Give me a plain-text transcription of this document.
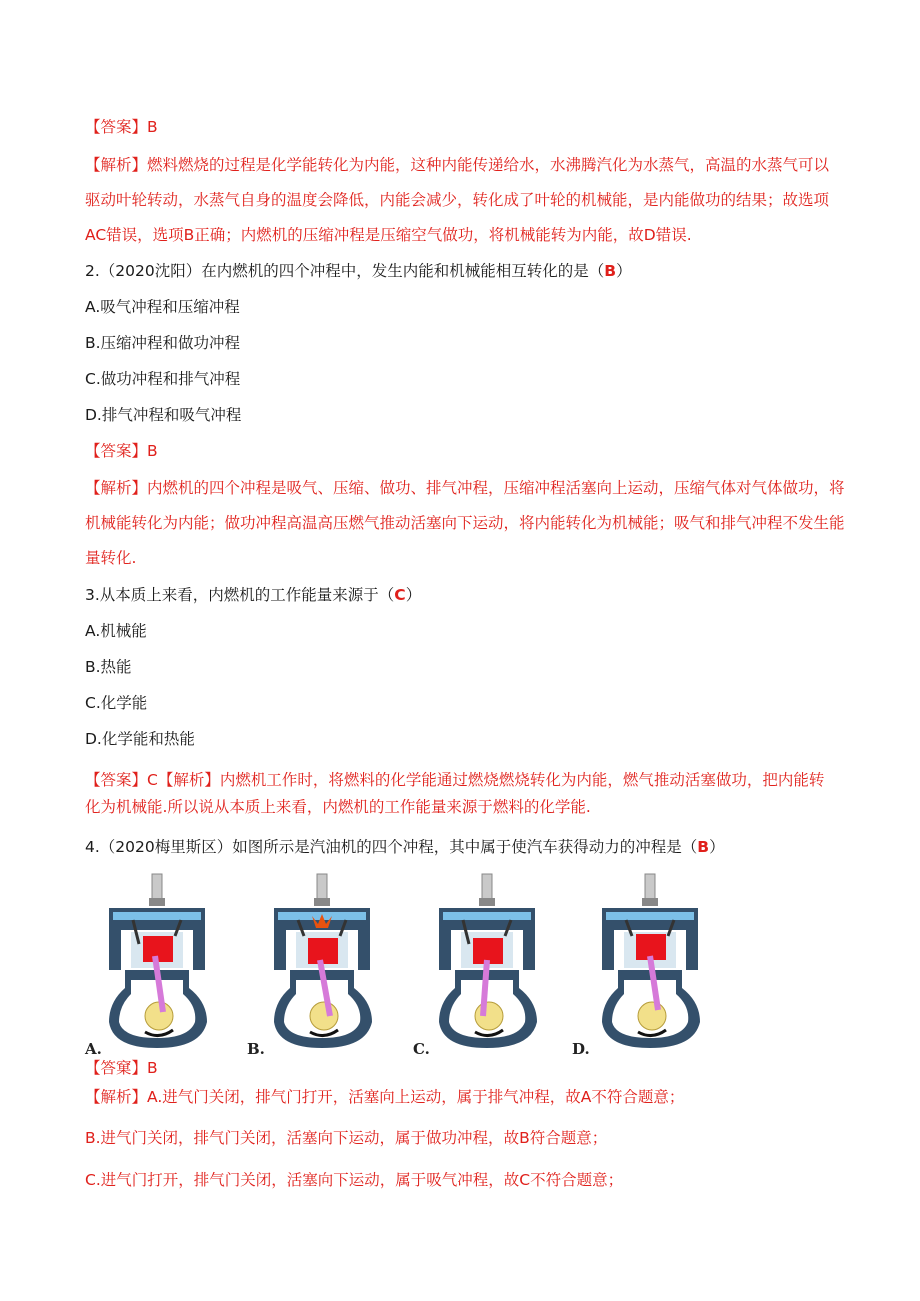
【答案】B
【解析】燃料燃烧的过程是化学能转化为内能，这种内能传递给水，水沸腾汽化为水蒸气，高温的水蒸气可以
驱动叶轮转动，水蒸气自身的温度会降低，内能会减少，转化成了叶轮的机械能，是内能做功的结果；故选项
AC错误，选项B正确；内燃机的压缩冲程是压缩空气做功，将机械能转为内能，故D错误.
2.（2020沈阳）在内燃机的四个冲程中，发生内能和机械能相互转化的是（B）
A.吸气冲程和压缩冲程
B.压缩冲程和做功冲程
C.做功冲程和排气冲程
D.排气冲程和吸气冲程
【答案】B
【解析】内燃机的四个冲程是吸气、压缩、做功、排气冲程，压缩冲程活塞向上运动，压缩气体对气体做功，将
机械能转化为内能；做功冲程高温高压燃气推动活塞向下运动，将内能转化为机械能；吸气和排气冲程不发生能
量转化.
3.从本质上来看，内燃机的工作能量来源于（C）
A.机械能
B.热能
C.化学能
D.化学能和热能
【答案】C【解析】内燃机工作时，将燃料的化学能通过燃烧燃烧转化为内能，燃气推动活塞做功，把内能转
化为机械能.所以说从本质上来看，内燃机的工作能量来源于燃料的化学能.
4.（2020梅里斯区）如图所示是汽油机的四个冲程，其中属于使汽车获得动力的冲程是（B）
A.	B.	C.	D.
【答窠】B
【解析】A.进气门关闭，排气门打开，活塞向上运动，属于排气冲程，故A不符合题意；
B.进气门关闭，排气门关闭，活塞向下运动，属于做功冲程，故B符合题意；
C.进气门打开，排气门关闭，活塞向下运动，属于吸气冲程，故C不符合题意；
